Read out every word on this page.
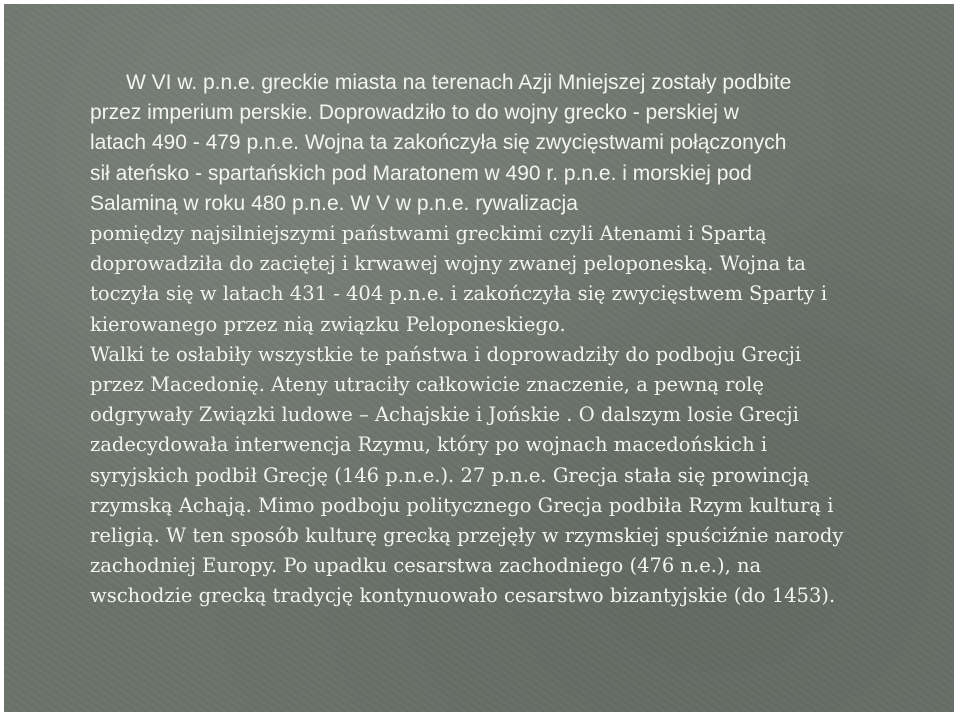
W VI w. p.n.e. greckie miasta na terenach Azji Mniejszej zostały podbite
przez imperium perskie. Doprowadziło to do wojny grecko - perskiej w
latach 490 - 479 p.n.e. Wojna ta zakończyła się zwycięstwami połączonych
sił ateńsko - spartańskich pod Maratonem w 490 r. p.n.e. i morskiej pod
Salaminą w roku 480 p.n.e. W V w p.n.e. rywalizacja
pomiędzy najsilniejszymi państwami greckimi czyli Atenami i Spartą
doprowadziła do zaciętej i krwawej wojny zwanej peloponeską. Wojna ta
toczyła się w latach 431 - 404 p.n.e. i zakończyła się zwycięstwem Sparty i
kierowanego przez nią związku Peloponeskiego.
Walki te osłabiły wszystkie te państwa i doprowadziły do podboju Grecji
przez Macedonię. Ateny utraciły całkowicie znaczenie, a pewną rolę
odgrywały Związki ludowe – Achajskie i Jońskie . O dalszym losie Grecji
zadecydowała interwencja Rzymu, który po wojnach macedońskich i
syryjskich podbił Grecję (146 p.n.e.). 27 p.n.e. Grecja stała się prowincją
rzymską Achają. Mimo podboju politycznego Grecja podbiła Rzym kulturą i
religią. W ten sposób kulturę grecką przejęły w rzymskiej spuściźnie narody
zachodniej Europy. Po upadku cesarstwa zachodniego (476 n.e.), na
wschodzie grecką tradycję kontynuowało cesarstwo bizantyjskie (do 1453).
